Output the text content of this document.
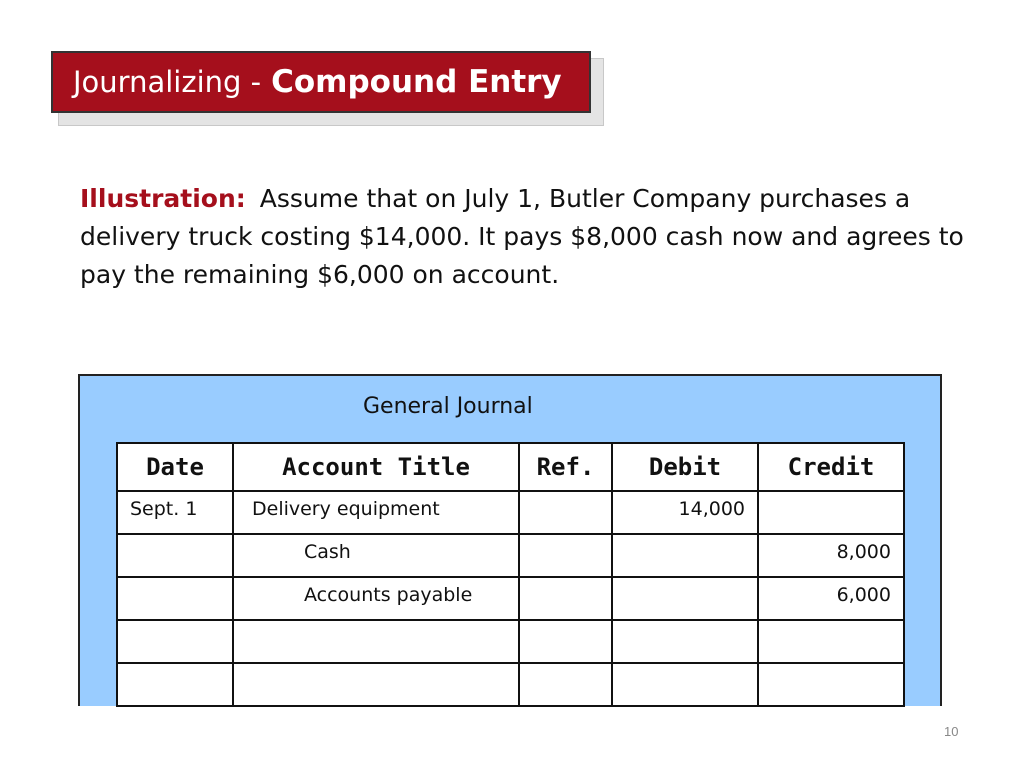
Journalizing - Compound Entry
Illustration: Assume that on July 1, Butler Company purchases a delivery truck costing $14,000. It pays $8,000 cash now and agrees to pay the remaining $6,000 on account.
General Journal
Date	Account Title	Ref.	Debit	Credit
Sept. 1	Delivery equipment		14,000	
	Cash			8,000
	Accounts payable			6,000

10
